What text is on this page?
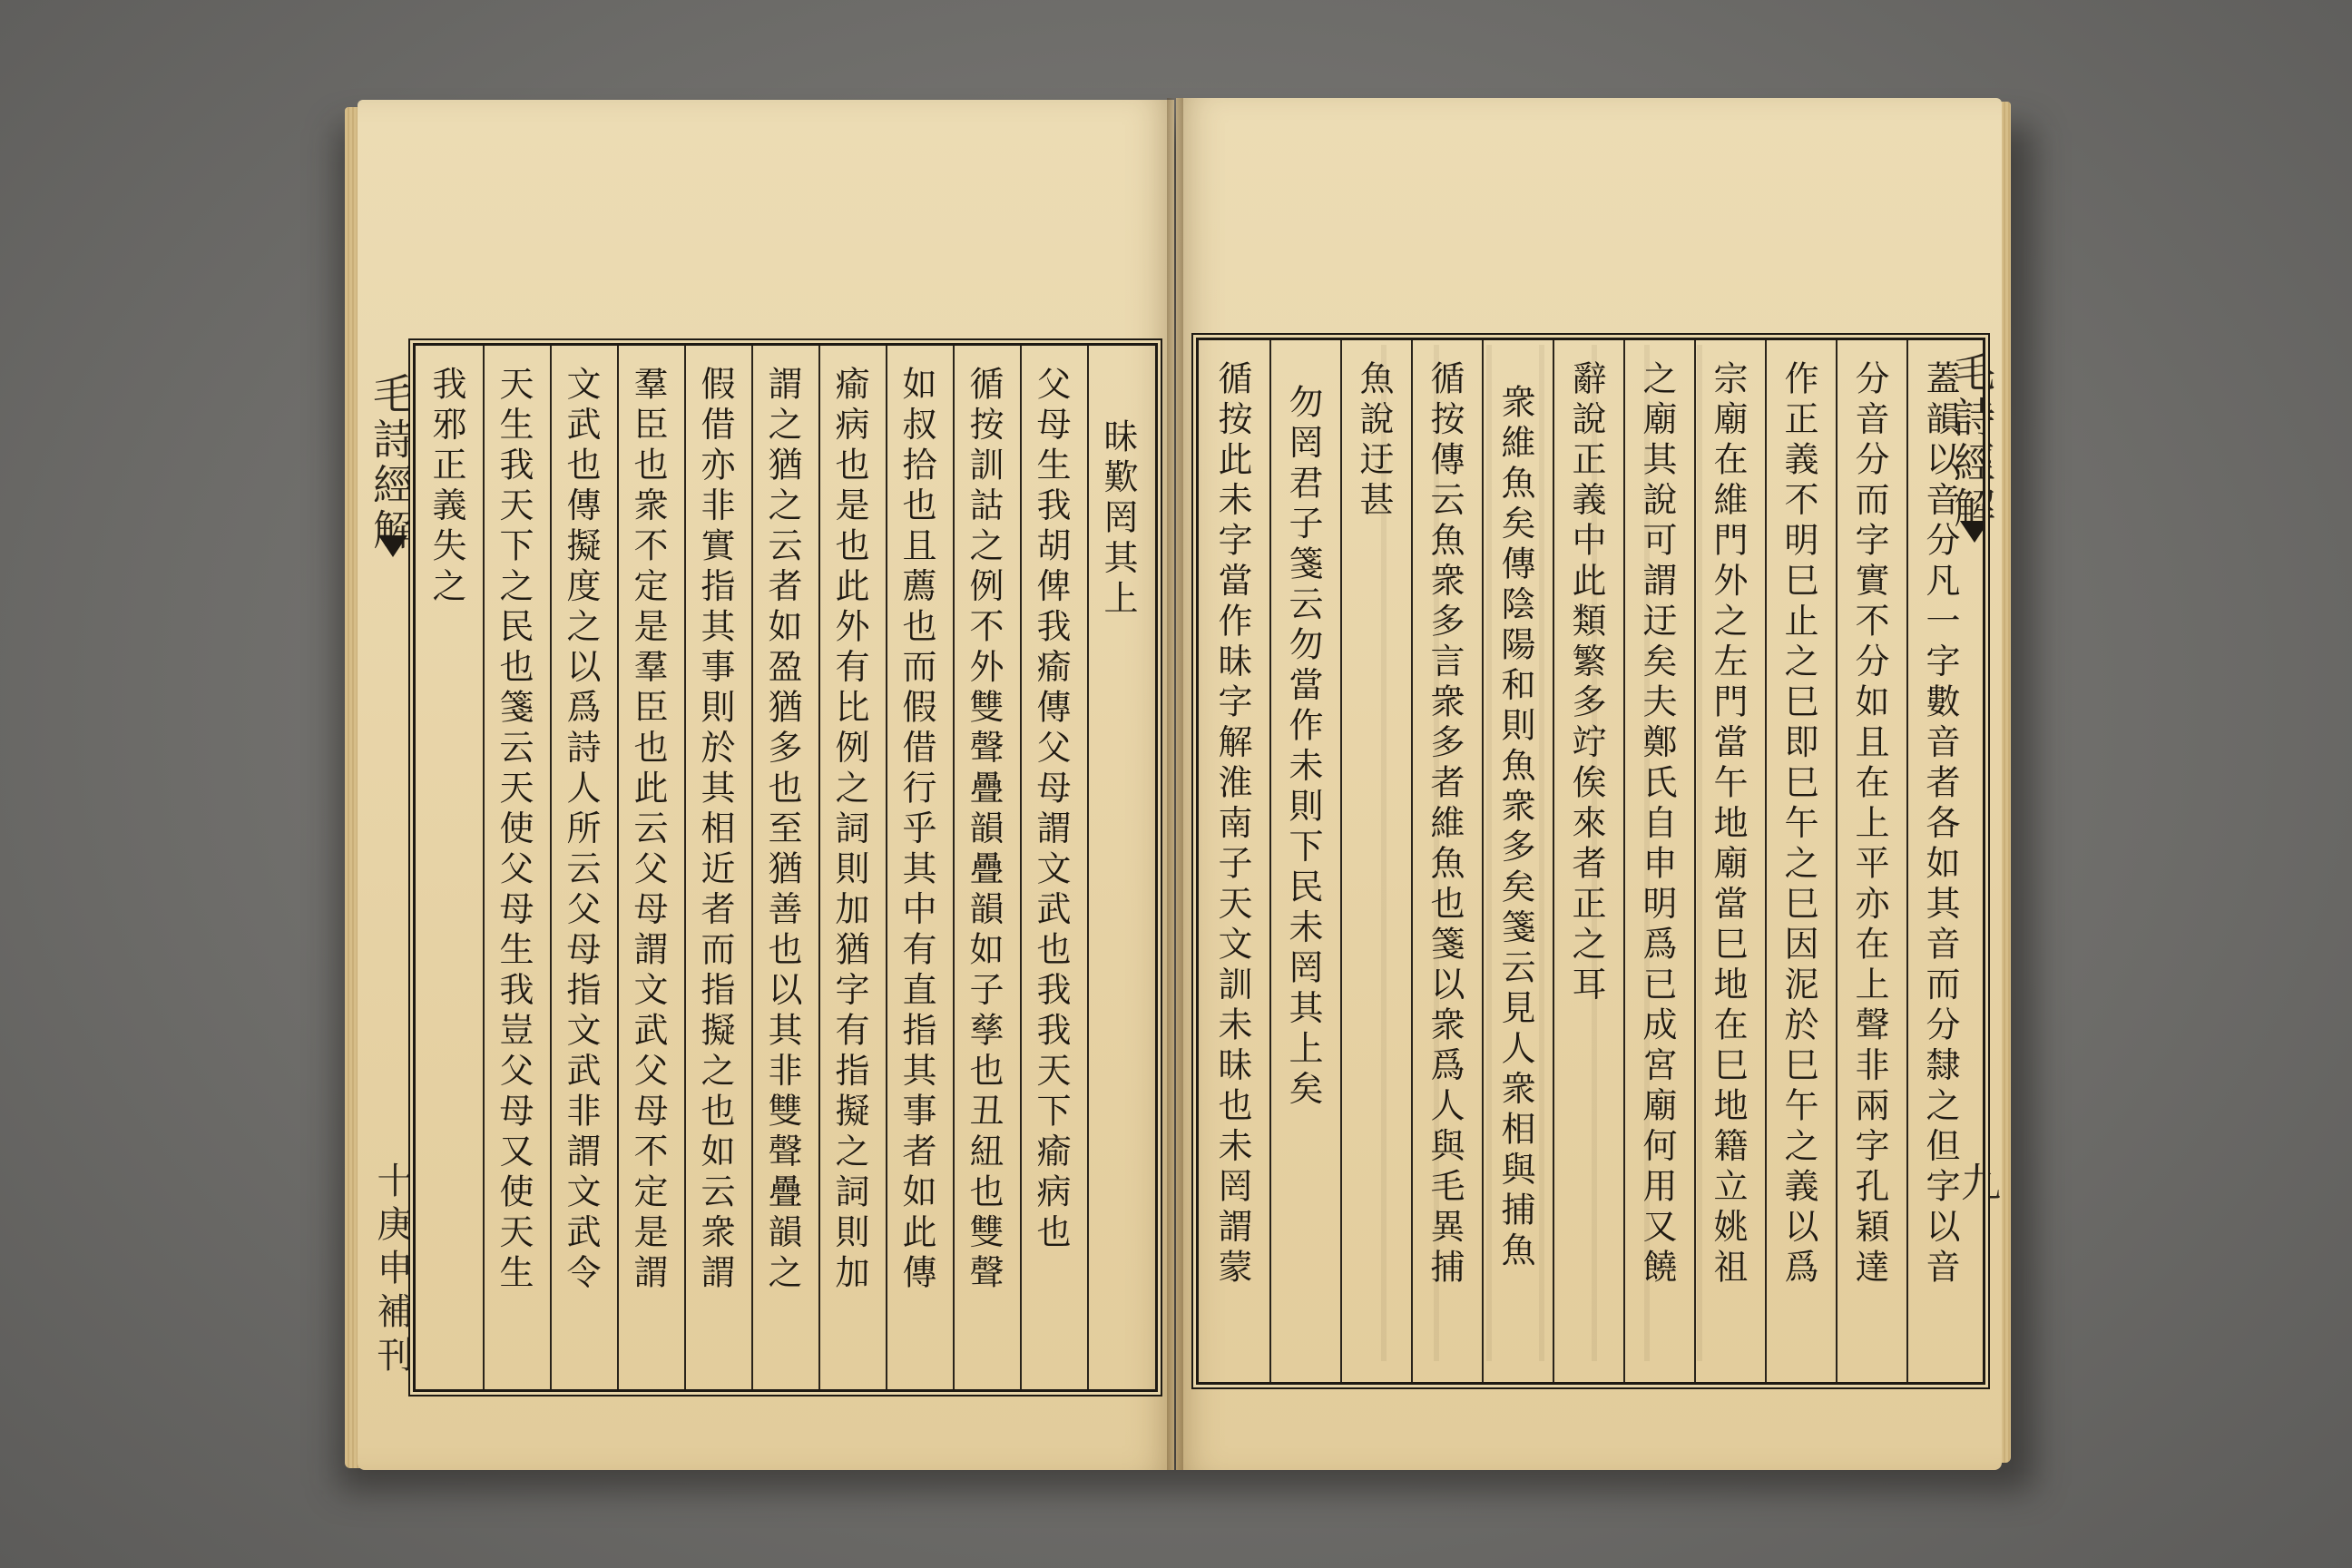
毛詩經解
十庚申補刊
毛詩經解
九
昧歎罔其上
父母生我胡俾我瘉傳父母謂文武也我我天下瘉病也
循按訓詁之例不外雙聲疊韻疊韻如子孳也丑紐也雙聲
如叔拾也且薦也而假借行乎其中有直指其事者如此傳
瘉病也是也此外有比例之詞則加猶字有指擬之詞則加
謂之猶之云者如盈猶多也至猶善也以其非雙聲疊韻之
假借亦非實指其事則於其相近者而指擬之也如云衆謂
羣臣也衆不定是羣臣也此云父母謂文武父母不定是謂
文武也傳擬度之以爲詩人所云父母指文武非謂文武令
天生我天下之民也箋云天使父母生我豈父母又使天生
我邪正義失之	蓋韻以音分凡一字數音者各如其音而分隸之但字以音
分音分而字實不分如且在上平亦在上聲非兩字孔穎達
作正義不明巳止之巳即巳午之巳因泥於巳午之義以爲
宗廟在維門外之左門當午地廟當巳地在巳地籍立姚祖
之廟其說可謂迂矣夫鄭氏自申明爲已成宮廟何用又饒
辭說正義中此類繁多竚俟來者正之耳
衆維魚矣傳陰陽和則魚衆多矣箋云見人衆相與捕魚
循按傳云魚衆多言衆多者維魚也箋以衆爲人與毛異捕
魚說迂甚
勿罔君子箋云勿當作未則下民未罔其上矣
循按此未字當作昧字解淮南子天文訓未昧也未罔謂蒙
